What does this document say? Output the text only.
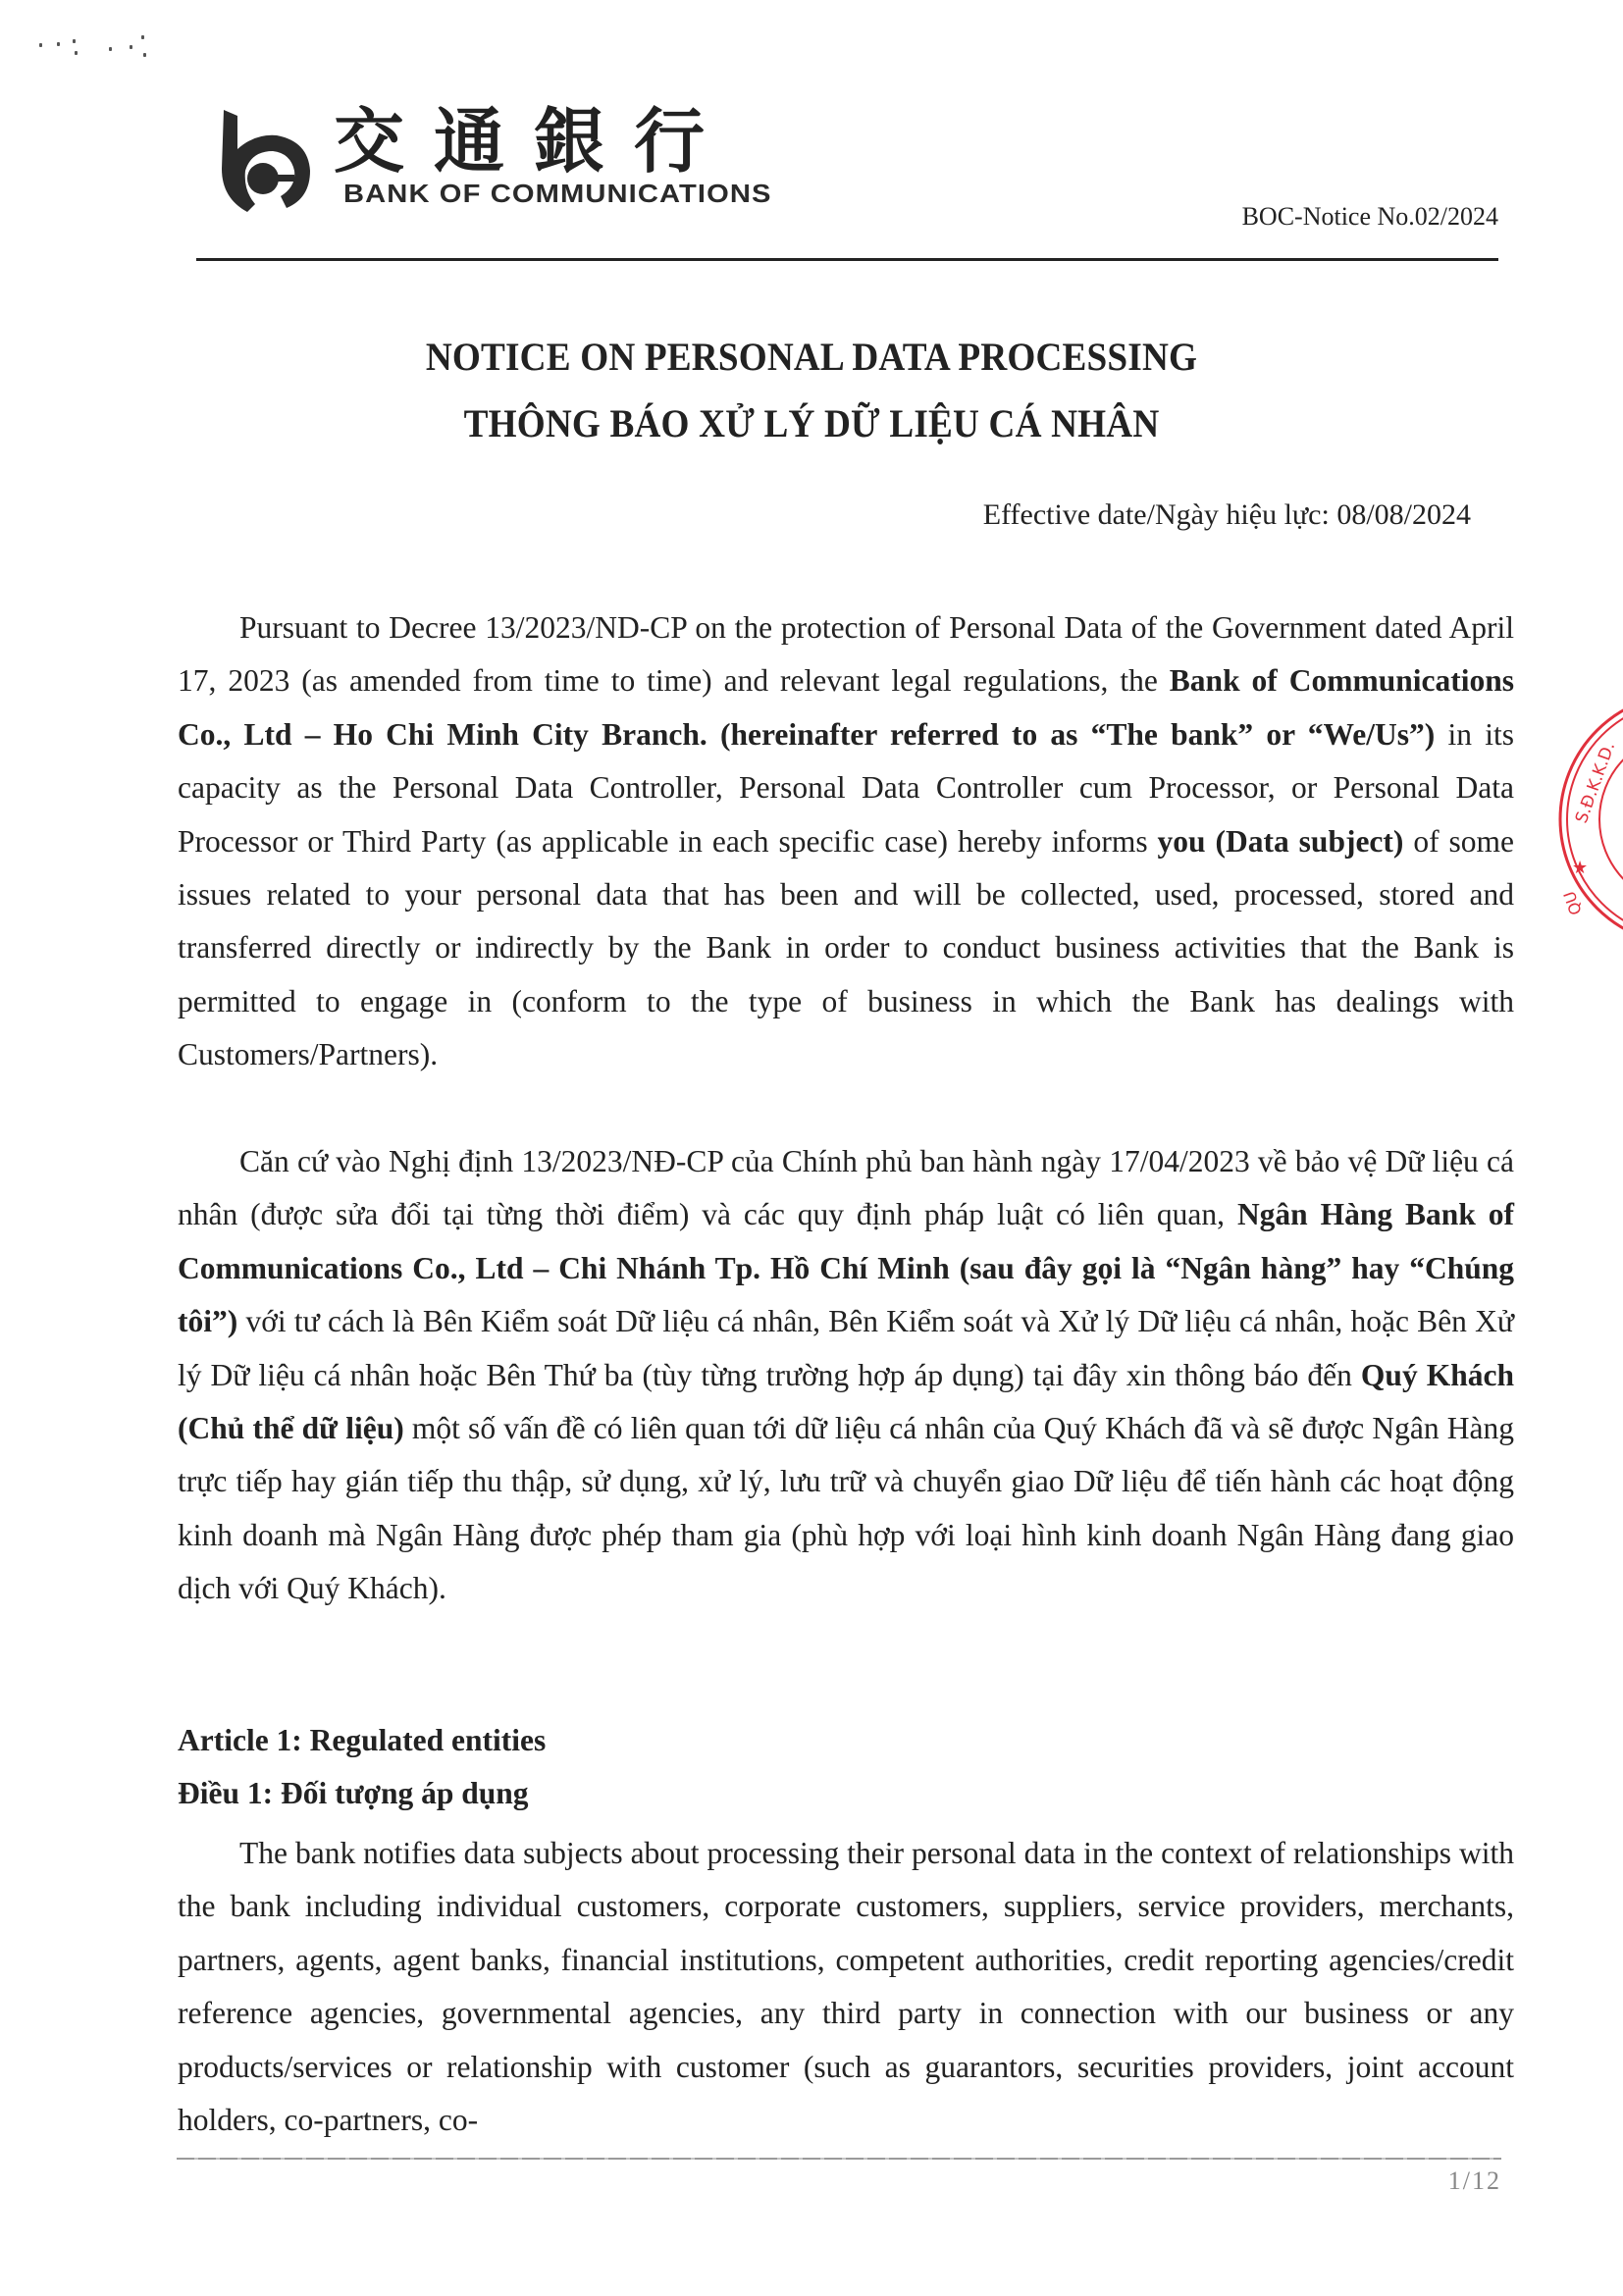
交通銀行
BANK OF COMMUNICATIONS
BOC-Notice No.02/2024
NOTICE ON PERSONAL DATA PROCESSING
THÔNG BÁO XỬ LÝ DỮ LIỆU CÁ NHÂN
Effective date/Ngày hiệu lực: 08/08/2024

Pursuant to Decree 13/2023/ND-CP on the protection of Personal Data of the Government dated April 17, 2023 (as amended from time to time) and relevant legal regulations, the Bank of Communications Co., Ltd – Ho Chi Minh City Branch. (hereinafter referred to as “The bank” or “We/Us”) in its capacity as the Personal Data Controller, Personal Data Controller cum Processor, or Personal Data Processor or Third Party (as applicable in each specific case) hereby informs you (Data subject) of some issues related to your personal data that has been and will be collected, used, processed, stored and transferred directly or indirectly by the Bank in order to conduct business activities that the Bank is permitted to engage in (conform to the type of business in which the Bank has dealings with Customers/Partners).

Căn cứ vào Nghị định 13/2023/NĐ-CP của Chính phủ ban hành ngày 17/04/2023 về bảo vệ Dữ liệu cá nhân (được sửa đổi tại từng thời điểm) và các quy định pháp luật có liên quan, Ngân Hàng Bank of Communications Co., Ltd – Chi Nhánh Tp. Hồ Chí Minh (sau đây gọi là “Ngân hàng” hay “Chúng tôi”) với tư cách là Bên Kiểm soát Dữ liệu cá nhân, Bên Kiểm soát và Xử lý Dữ liệu cá nhân, hoặc Bên Xử lý Dữ liệu cá nhân hoặc Bên Thứ ba (tùy từng trường hợp áp dụng) tại đây xin thông báo đến Quý Khách (Chủ thể dữ liệu) một số vấn đề có liên quan tới dữ liệu cá nhân của Quý Khách đã và sẽ được Ngân Hàng trực tiếp hay gián tiếp thu thập, sử dụng, xử lý, lưu trữ và chuyển giao Dữ liệu để tiến hành các hoạt động kinh doanh mà Ngân Hàng được phép tham gia (phù hợp với loại hình kinh doanh Ngân Hàng đang giao dịch với Quý Khách).

Article 1: Regulated entities
Điều 1: Đối tượng áp dụng

The bank notifies data subjects about processing their personal data in the context of relationships with the bank including individual customers, corporate customers, suppliers, service providers, merchants, partners, agents, agent banks, financial institutions, competent authorities, credit reporting agencies/credit reference agencies, governmental agencies, any third party in connection with our business or any products/services or relationship with customer (such as guarantors, securities providers, joint account holders, co-partners, co-

S.Đ.K.K.D.
★
QU
1/12
